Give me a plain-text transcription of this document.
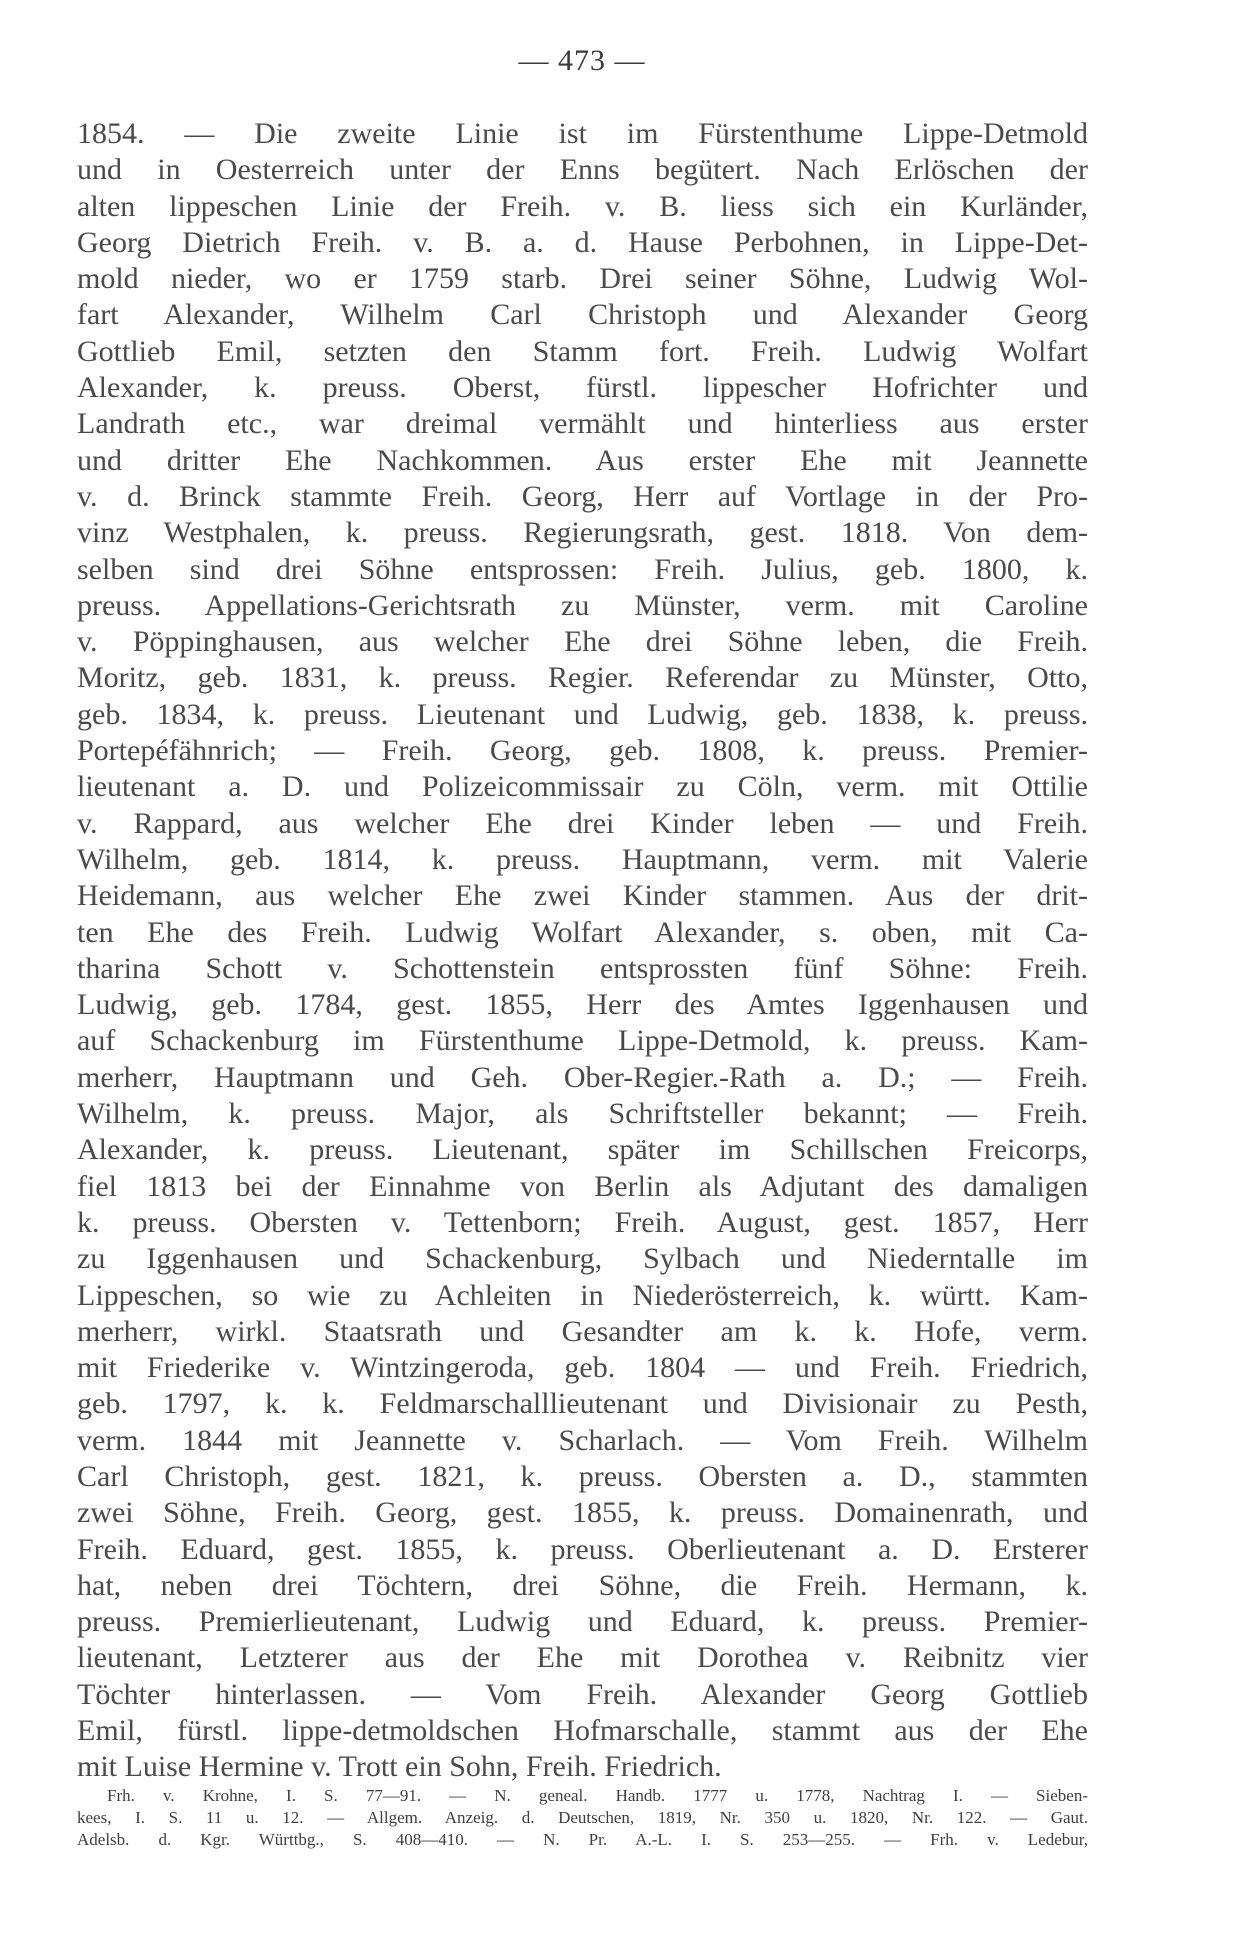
— 473 —
1854. — Die zweite Linie ist im Fürstenthume Lippe-Detmold
und in Oesterreich unter der Enns begütert. Nach Erlöschen der
alten lippeschen Linie der Freih. v. B. liess sich ein Kurländer,
Georg Dietrich Freih. v. B. a. d. Hause Perbohnen, in Lippe-Det-
mold nieder, wo er 1759 starb. Drei seiner Söhne, Ludwig Wol-
fart Alexander, Wilhelm Carl Christoph und Alexander Georg
Gottlieb Emil, setzten den Stamm fort. Freih. Ludwig Wolfart
Alexander, k. preuss. Oberst, fürstl. lippescher Hofrichter und
Landrath etc., war dreimal vermählt und hinterliess aus erster
und dritter Ehe Nachkommen. Aus erster Ehe mit Jeannette
v. d. Brinck stammte Freih. Georg, Herr auf Vortlage in der Pro-
vinz Westphalen, k. preuss. Regierungsrath, gest. 1818. Von dem-
selben sind drei Söhne entsprossen: Freih. Julius, geb. 1800, k.
preuss. Appellations-Gerichtsrath zu Münster, verm. mit Caroline
v. Pöppinghausen, aus welcher Ehe drei Söhne leben, die Freih.
Moritz, geb. 1831, k. preuss. Regier. Referendar zu Münster, Otto,
geb. 1834, k. preuss. Lieutenant und Ludwig, geb. 1838, k. preuss.
Portepéfähnrich; — Freih. Georg, geb. 1808, k. preuss. Premier-
lieutenant a. D. und Polizeicommissair zu Cöln, verm. mit Ottilie
v. Rappard, aus welcher Ehe drei Kinder leben — und Freih.
Wilhelm, geb. 1814, k. preuss. Hauptmann, verm. mit Valerie
Heidemann, aus welcher Ehe zwei Kinder stammen. Aus der drit-
ten Ehe des Freih. Ludwig Wolfart Alexander, s. oben, mit Ca-
tharina Schott v. Schottenstein entsprossten fünf Söhne: Freih.
Ludwig, geb. 1784, gest. 1855, Herr des Amtes Iggenhausen und
auf Schackenburg im Fürstenthume Lippe-Detmold, k. preuss. Kam-
merherr, Hauptmann und Geh. Ober-Regier.-Rath a. D.; — Freih.
Wilhelm, k. preuss. Major, als Schriftsteller bekannt; — Freih.
Alexander, k. preuss. Lieutenant, später im Schillschen Freicorps,
fiel 1813 bei der Einnahme von Berlin als Adjutant des damaligen
k. preuss. Obersten v. Tettenborn; Freih. August, gest. 1857, Herr
zu Iggenhausen und Schackenburg, Sylbach und Niederntalle im
Lippeschen, so wie zu Achleiten in Niederösterreich, k. württ. Kam-
merherr, wirkl. Staatsrath und Gesandter am k. k. Hofe, verm.
mit Friederike v. Wintzingeroda, geb. 1804 — und Freih. Friedrich,
geb. 1797, k. k. Feldmarschalllieutenant und Divisionair zu Pesth,
verm. 1844 mit Jeannette v. Scharlach. — Vom Freih. Wilhelm
Carl Christoph, gest. 1821, k. preuss. Obersten a. D., stammten
zwei Söhne, Freih. Georg, gest. 1855, k. preuss. Domainenrath, und
Freih. Eduard, gest. 1855, k. preuss. Oberlieutenant a. D. Ersterer
hat, neben drei Töchtern, drei Söhne, die Freih. Hermann, k.
preuss. Premierlieutenant, Ludwig und Eduard, k. preuss. Premier-
lieutenant, Letzterer aus der Ehe mit Dorothea v. Reibnitz vier
Töchter hinterlassen. — Vom Freih. Alexander Georg Gottlieb
Emil, fürstl. lippe-detmoldschen Hofmarschalle, stammt aus der Ehe
mit Luise Hermine v. Trott ein Sohn, Freih. Friedrich.
Frh. v. Krohne, I. S. 77—91. — N. geneal. Handb. 1777 u. 1778, Nachtrag I. — Sieben-
kees, I. S. 11 u. 12. — Allgem. Anzeig. d. Deutschen, 1819, Nr. 350 u. 1820, Nr. 122. — Gaut.
Adelsb. d. Kgr. Württbg., S. 408—410. — N. Pr. A.-L. I. S. 253—255. — Frh. v. Ledebur,
